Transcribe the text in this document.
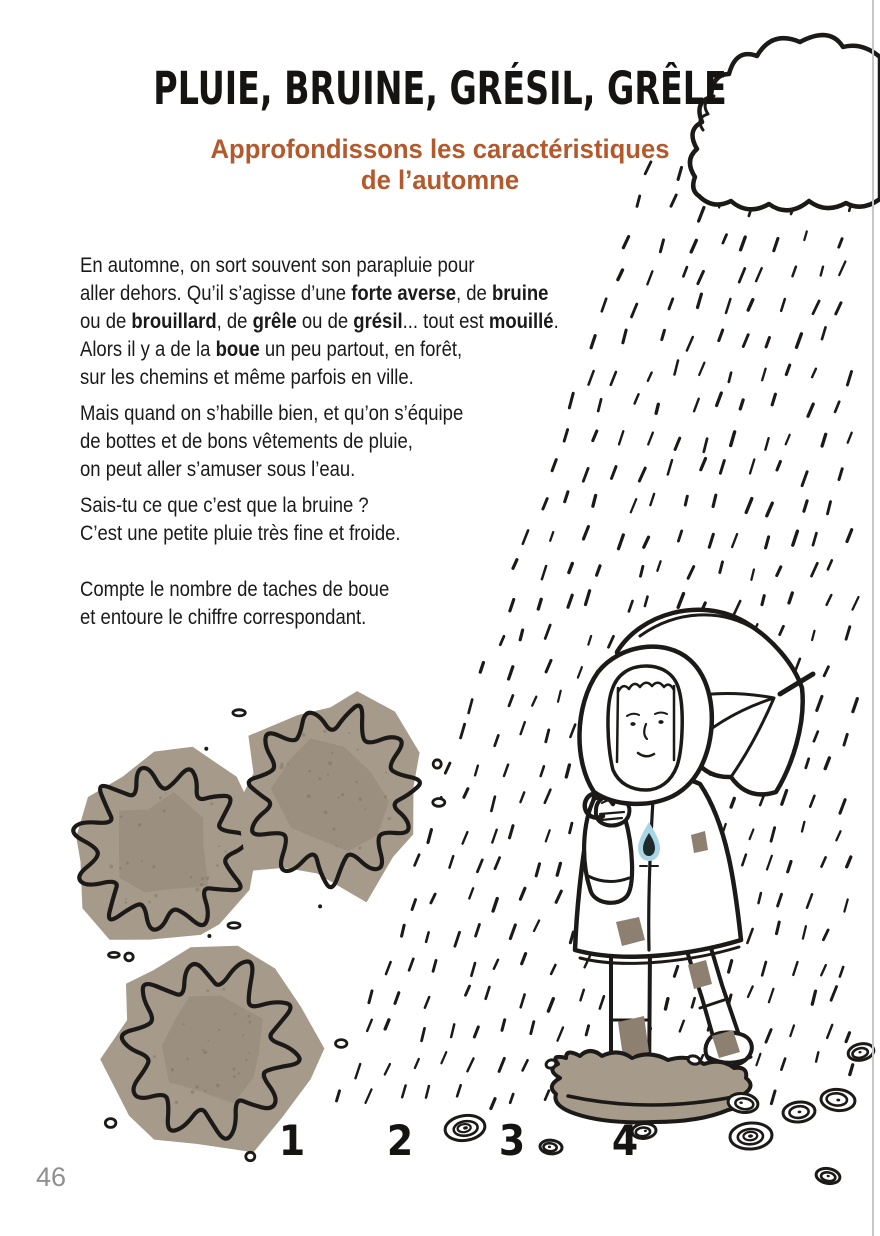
PLUIE, BRUINE, GRÉSIL, GRÊLE
Approfondissons les caractéristiques
de l’automne

En automne, on sort souvent son parapluie pour
aller dehors. Qu’il s’agisse d’une forte averse, de bruine
ou de brouillard, de grêle ou de grésil... tout est mouillé.
Alors il y a de la boue un peu partout, en forêt,
sur les chemins et même parfois en ville.

Mais quand on s’habille bien, et qu’on s’équipe
de bottes et de bons vêtements de pluie,
on peut aller s’amuser sous l’eau.

Sais-tu ce que c’est que la bruine ?
C’est une petite pluie très fine et froide.

Compte le nombre de taches de boue
et entoure le chiffre correspondant.
1 2 3 4
46
